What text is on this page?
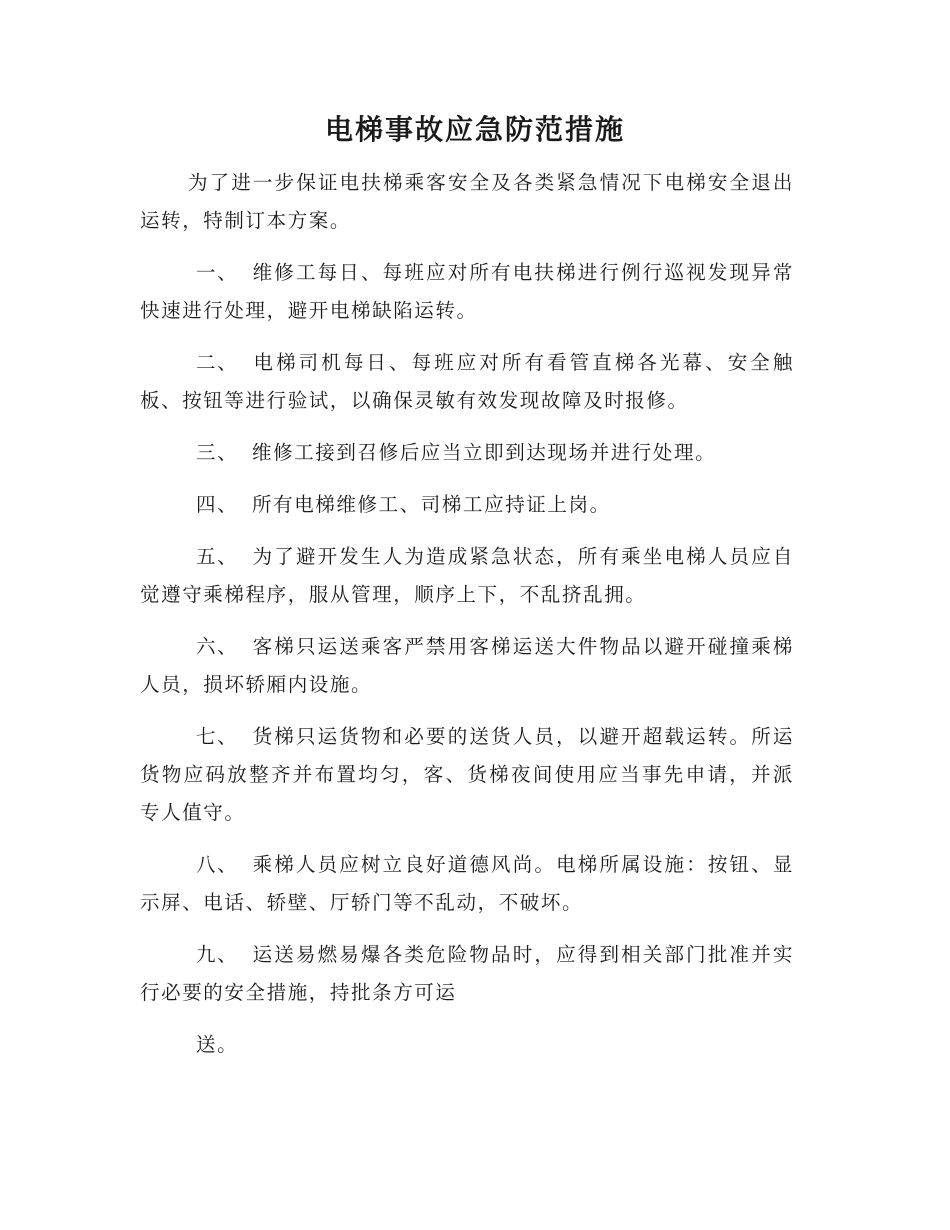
电梯事故应急防范措施

为了进一步保证电扶梯乘客安全及各类紧急情况下电梯安全退出运转，特制订本方案。

一、 维修工每日、每班应对所有电扶梯进行例行巡视发现异常快速进行处理，避开电梯缺陷运转。

二、 电梯司机每日、每班应对所有看管直梯各光幕、安全触板、按钮等进行验试，以确保灵敏有效发现故障及时报修。

三、 维修工接到召修后应当立即到达现场并进行处理。

四、 所有电梯维修工、司梯工应持证上岗。

五、 为了避开发生人为造成紧急状态，所有乘坐电梯人员应自觉遵守乘梯程序，服从管理，顺序上下，不乱挤乱拥。

六、 客梯只运送乘客严禁用客梯运送大件物品以避开碰撞乘梯人员，损坏轿厢内设施。

七、 货梯只运货物和必要的送货人员，以避开超载运转。所运货物应码放整齐并布置均匀，客、货梯夜间使用应当事先申请，并派专人值守。

八、 乘梯人员应树立良好道德风尚。电梯所属设施：按钮、显示屏、电话、轿壁、厅轿门等不乱动，不破坏。

九、 运送易燃易爆各类危险物品时，应得到相关部门批准并实行必要的安全措施，持批条方可运

送。
